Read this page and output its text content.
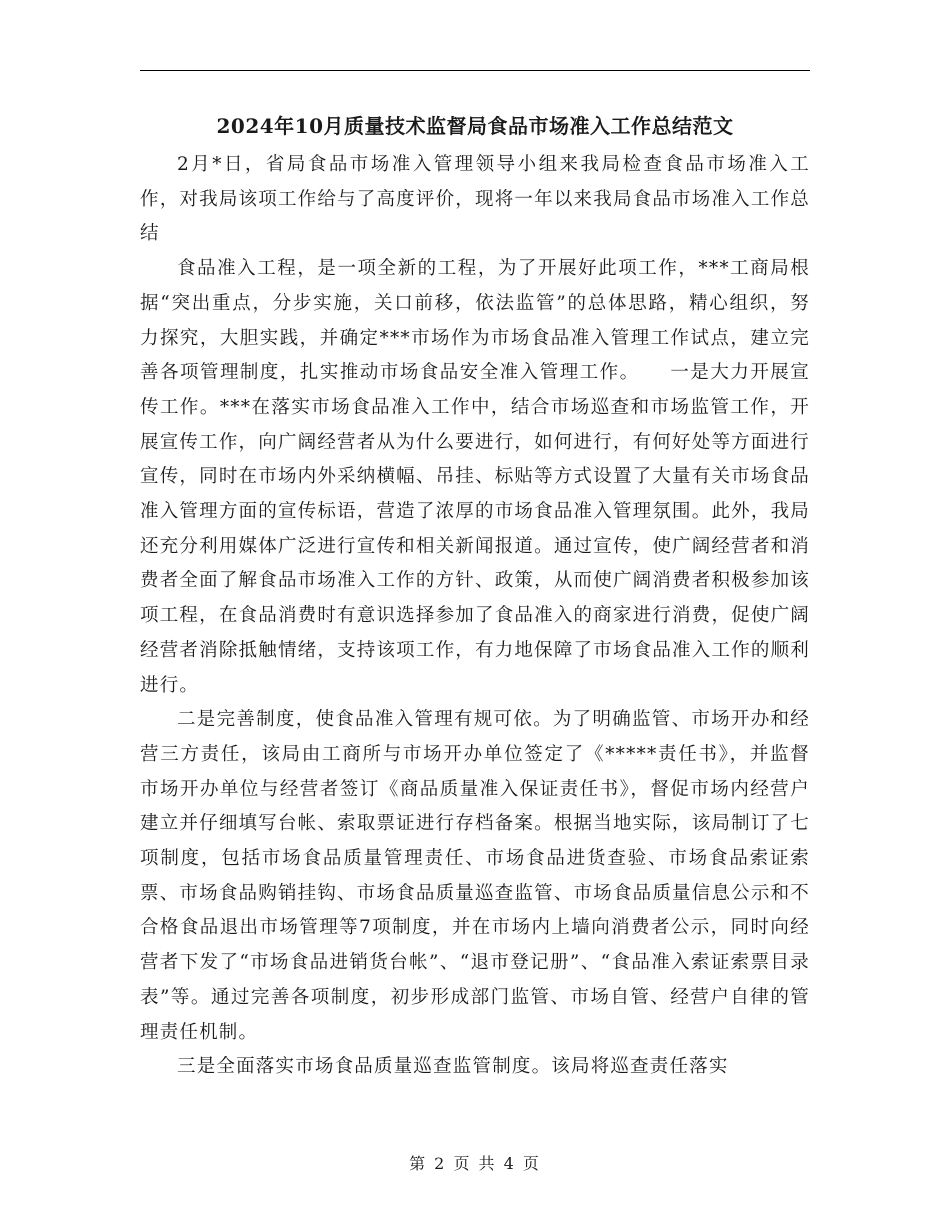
2024年10月质量技术监督局食品市场准入工作总结范文

2月*日，省局食品市场准入管理领导小组来我局检查食品市场准入工作，对我局该项工作给与了高度评价，现将一年以来我局食品市场准入工作总结

食品准入工程，是一项全新的工程，为了开展好此项工作，***工商局根据“突出重点，分步实施，关口前移，依法监管”的总体思路，精心组织，努力探究，大胆实践，并确定***市场作为市场食品准入管理工作试点，建立完善各项管理制度，扎实推动市场食品安全准入管理工作。　　一是大力开展宣传工作。***在落实市场食品准入工作中，结合市场巡查和市场监管工作，开展宣传工作，向广阔经营者从为什么要进行，如何进行，有何好处等方面进行宣传，同时在市场内外采纳横幅、吊挂、标贴等方式设置了大量有关市场食品准入管理方面的宣传标语，营造了浓厚的市场食品准入管理氛围。此外，我局还充分利用媒体广泛进行宣传和相关新闻报道。通过宣传，使广阔经营者和消费者全面了解食品市场准入工作的方针、政策，从而使广阔消费者积极参加该项工程，在食品消费时有意识选择参加了食品准入的商家进行消费，促使广阔经营者消除抵触情绪，支持该项工作，有力地保障了市场食品准入工作的顺利进行。

二是完善制度，使食品准入管理有规可依。为了明确监管、市场开办和经营三方责任，该局由工商所与市场开办单位签定了《*****责任书》，并监督市场开办单位与经营者签订《商品质量准入保证责任书》，督促市场内经营户建立并仔细填写台帐、索取票证进行存档备案。根据当地实际，该局制订了七项制度，包括市场食品质量管理责任、市场食品进货查验、市场食品索证索票、市场食品购销挂钩、市场食品质量巡查监管、市场食品质量信息公示和不合格食品退出市场管理等7项制度，并在市场内上墙向消费者公示，同时向经营者下发了“市场食品进销货台帐”、“退市登记册”、“食品准入索证索票目录表”等。通过完善各项制度，初步形成部门监管、市场自管、经营户自律的管理责任机制。

三是全面落实市场食品质量巡查监管制度。该局将巡查责任落实

第 2 页 共 4 页
